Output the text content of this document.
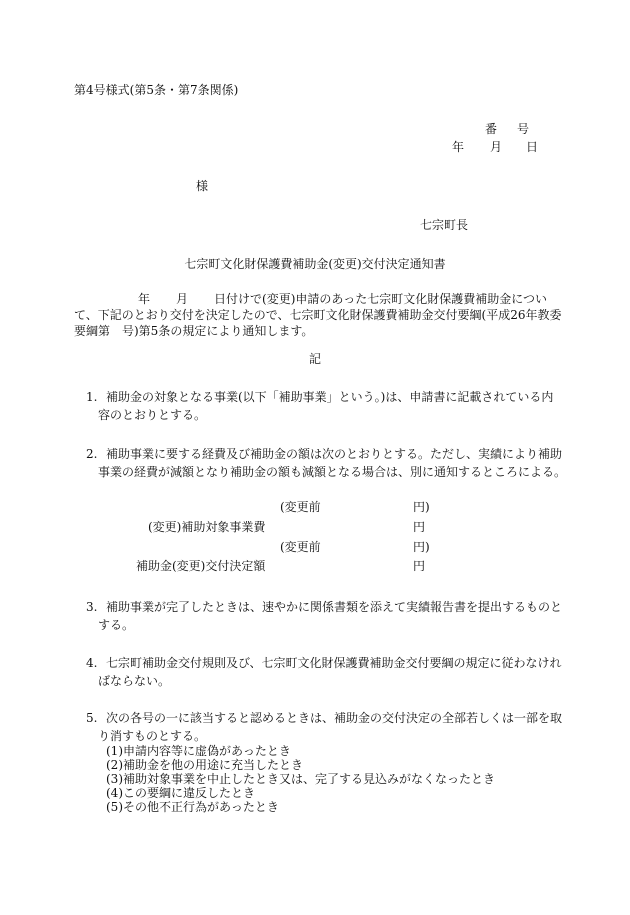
第4号様式(第5条・第7条関係)
番 号
年 月 日
様
七宗町長
七宗町文化財保護費補助金(変更)交付決定通知書
年 月 日付けで(変更)申請のあった七宗町文化財保護費補助金につい
て、下記のとおり交付を決定したので、七宗町文化財保護費補助金交付要綱(平成26年教委
要綱第　号)第5条の規定により通知します。
記
1. 補助金の対象となる事業(以下「補助事業」という。)は、申請書に記載されている内
容のとおりとする。
2. 補助事業に要する経費及び補助金の額は次のとおりとする。ただし、実績により補助
事業の経費が減額となり補助金の額も減額となる場合は、別に通知するところによる。
(変更前	円)
(変更)補助対象事業費	円
(変更前	円)
補助金(変更)交付決定額	円
3. 補助事業が完了したときは、速やかに関係書類を添えて実績報告書を提出するものと
する。
4. 七宗町補助金交付規則及び、七宗町文化財保護費補助金交付要綱の規定に従わなけれ
ばならない。
5. 次の各号の一に該当すると認めるときは、補助金の交付決定の全部若しくは一部を取
り消すものとする。
(1)申請内容等に虚偽があったとき
(2)補助金を他の用途に充当したとき
(3)補助対象事業を中止したとき又は、完了する見込みがなくなったとき
(4)この要綱に違反したとき
(5)その他不正行為があったとき
